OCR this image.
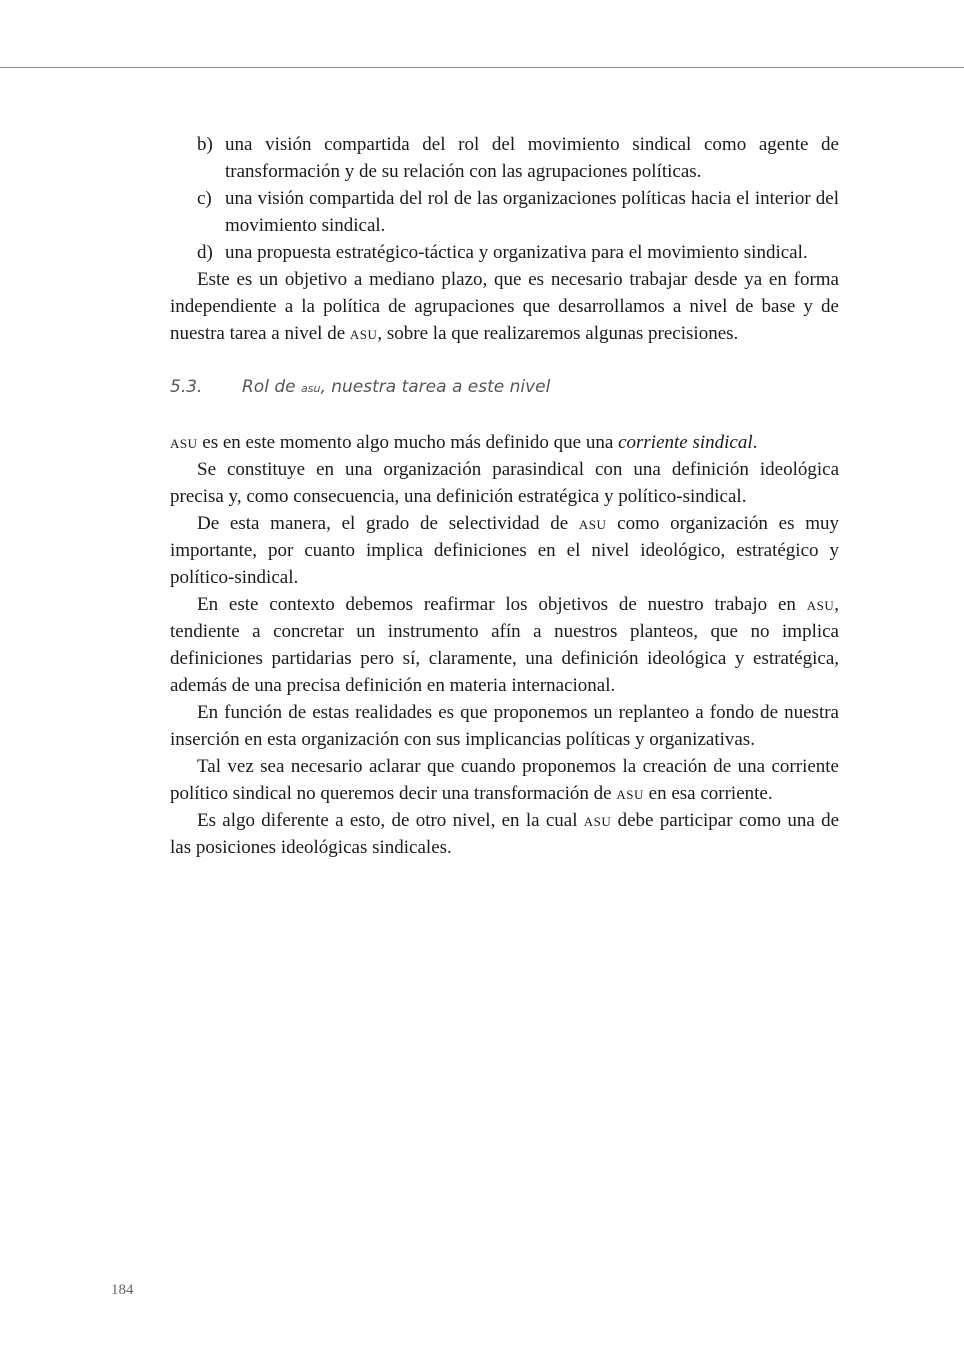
b) una visión compartida del rol del movimiento sindical como agente de transformación y de su relación con las agrupaciones políticas.
c) una visión compartida del rol de las organizaciones políticas hacia el interior del movimiento sindical.
d) una propuesta estratégico-táctica y organizativa para el movimiento sindical.

Este es un objetivo a mediano plazo, que es necesario trabajar desde ya en forma independiente a la política de agrupaciones que desarrollamos a nivel de base y de nuestra tarea a nivel de asu, sobre la que realizaremos algunas precisiones.

5.3.	Rol de asu, nuestra tarea a este nivel

asu es en este momento algo mucho más definido que una corriente sindical.

Se constituye en una organización parasindical con una definición ideológica precisa y, como consecuencia, una definición estratégica y político-sindical.

De esta manera, el grado de selectividad de asu como organización es muy importante, por cuanto implica definiciones en el nivel ideológico, estratégico y político-sindical.

En este contexto debemos reafirmar los objetivos de nuestro trabajo en asu, tendiente a concretar un instrumento afín a nuestros planteos, que no implica definiciones partidarias pero sí, claramente, una definición ideológica y estratégica, además de una precisa definición en materia internacional.

En función de estas realidades es que proponemos un replanteo a fondo de nuestra inserción en esta organización con sus implicancias políticas y organizativas.

Tal vez sea necesario aclarar que cuando proponemos la creación de una corriente político sindical no queremos decir una transformación de asu en esa corriente.

Es algo diferente a esto, de otro nivel, en la cual asu debe participar como una de las posiciones ideológicas sindicales.

184
